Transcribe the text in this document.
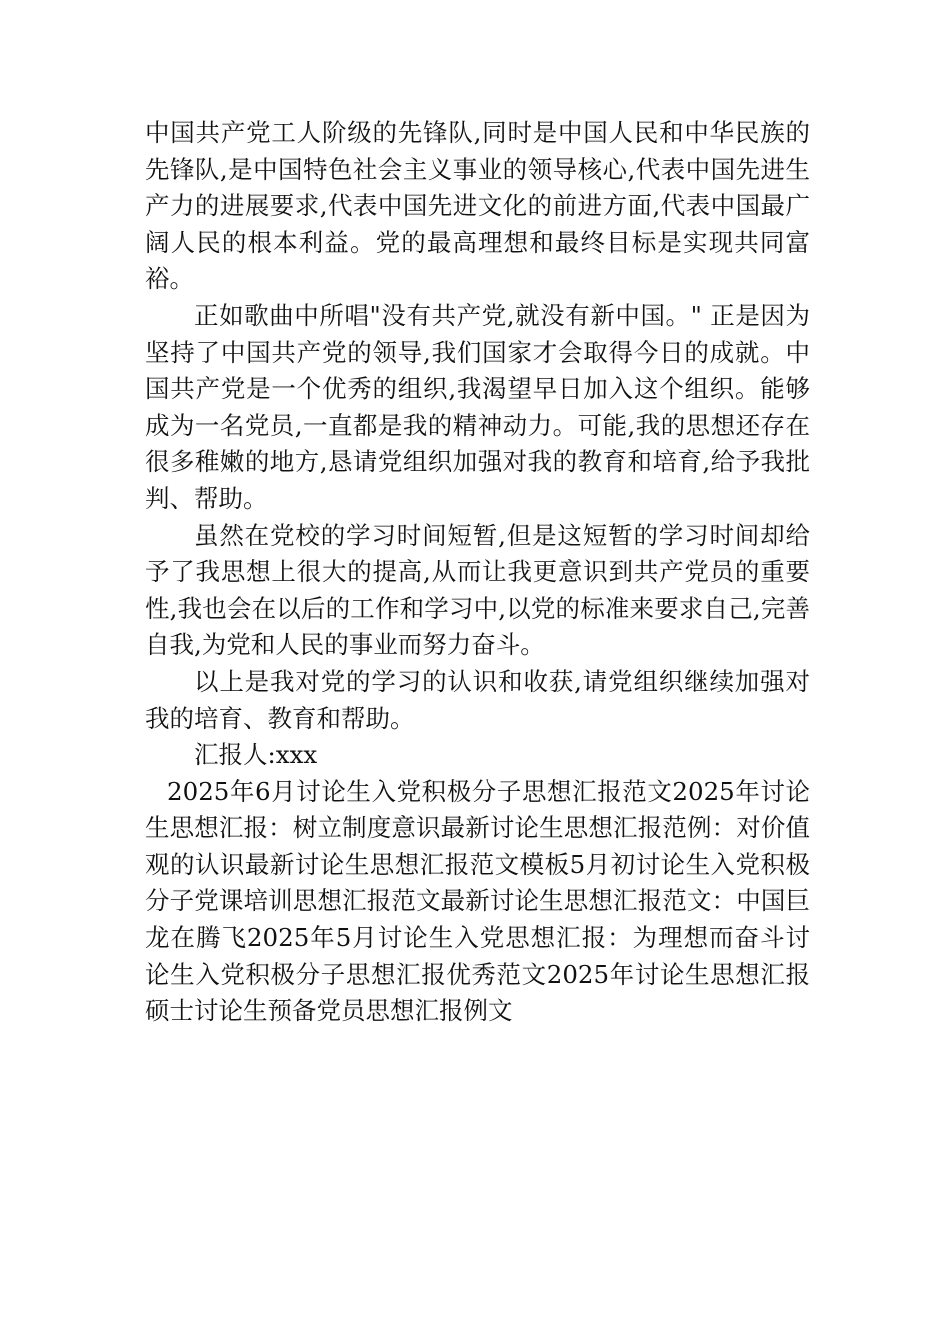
中国共产党工人阶级的先锋队,同时是中国人民和中华民族的先锋队,是中国特色社会主义事业的领导核心,代表中国先进生产力的进展要求,代表中国先进文化的前进方面,代表中国最广阔人民的根本利益。党的最高理想和最终目标是实现共同富裕。

正如歌曲中所唱"没有共产党,就没有新中国。" 正是因为坚持了中国共产党的领导,我们国家才会取得今日的成就。中国共产党是一个优秀的组织,我渴望早日加入这个组织。能够成为一名党员,一直都是我的精神动力。可能,我的思想还存在很多稚嫩的地方,恳请党组织加强对我的教育和培育,给予我批判、帮助。

虽然在党校的学习时间短暂,但是这短暂的学习时间却给予了我思想上很大的提高,从而让我更意识到共产党员的重要性,我也会在以后的工作和学习中,以党的标准来要求自己,完善自我,为党和人民的事业而努力奋斗。

以上是我对党的学习的认识和收获,请党组织继续加强对我的培育、教育和帮助。

汇报人:xxx

2025年6月讨论生入党积极分子思想汇报范文2025年讨论生思想汇报：树立制度意识最新讨论生思想汇报范例：对价值观的认识最新讨论生思想汇报范文模板5月初讨论生入党积极分子党课培训思想汇报范文最新讨论生思想汇报范文：中国巨龙在腾飞2025年5月讨论生入党思想汇报：为理想而奋斗讨论生入党积极分子思想汇报优秀范文2025年讨论生思想汇报硕士讨论生预备党员思想汇报例文
